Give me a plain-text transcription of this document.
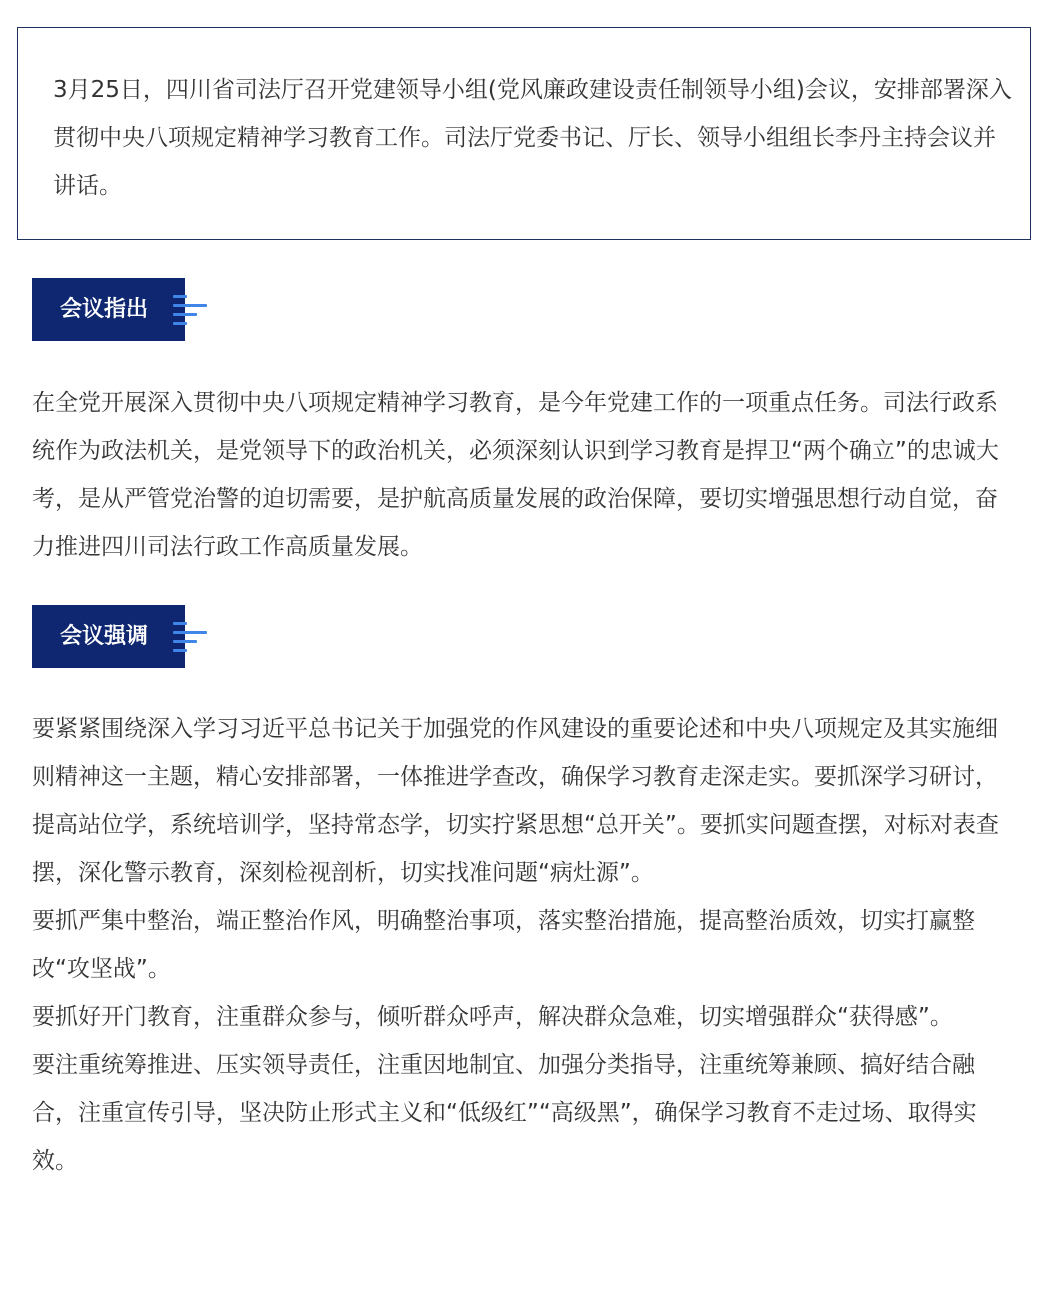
3月25日，四川省司法厅召开党建领导小组(党风廉政建设责任制领导小组)会议，安排部署深入贯彻中央八项规定精神学习教育工作。司法厅党委书记、厅长、领导小组组长李丹主持会议并讲话。

会议指出

在全党开展深入贯彻中央八项规定精神学习教育，是今年党建工作的一项重点任务。司法行政系统作为政法机关，是党领导下的政治机关，必须深刻认识到学习教育是捍卫“两个确立”的忠诚大考，是从严管党治警的迫切需要，是护航高质量发展的政治保障，要切实增强思想行动自觉，奋力推进四川司法行政工作高质量发展。

会议强调
要紧紧围绕深入学习习近平总书记关于加强党的作风建设的重要论述和中央八项规定及其实施细则精神这一主题，精心安排部署，一体推进学查改，确保学习教育走深走实。要抓深学习研讨，提高站位学，系统培训学，坚持常态学，切实拧紧思想“总开关”。要抓实问题查摆，对标对表查摆，深化警示教育，深刻检视剖析，切实找准问题“病灶源”。
要抓严集中整治，端正整治作风，明确整治事项，落实整治措施，提高整治质效，切实打赢整改“攻坚战”。
要抓好开门教育，注重群众参与，倾听群众呼声，解决群众急难，切实增强群众“获得感”。
要注重统筹推进、压实领导责任，注重因地制宜、加强分类指导，注重统筹兼顾、搞好结合融合，注重宣传引导，坚决防止形式主义和“低级红”“高级黑”，确保学习教育不走过场、取得实效。
